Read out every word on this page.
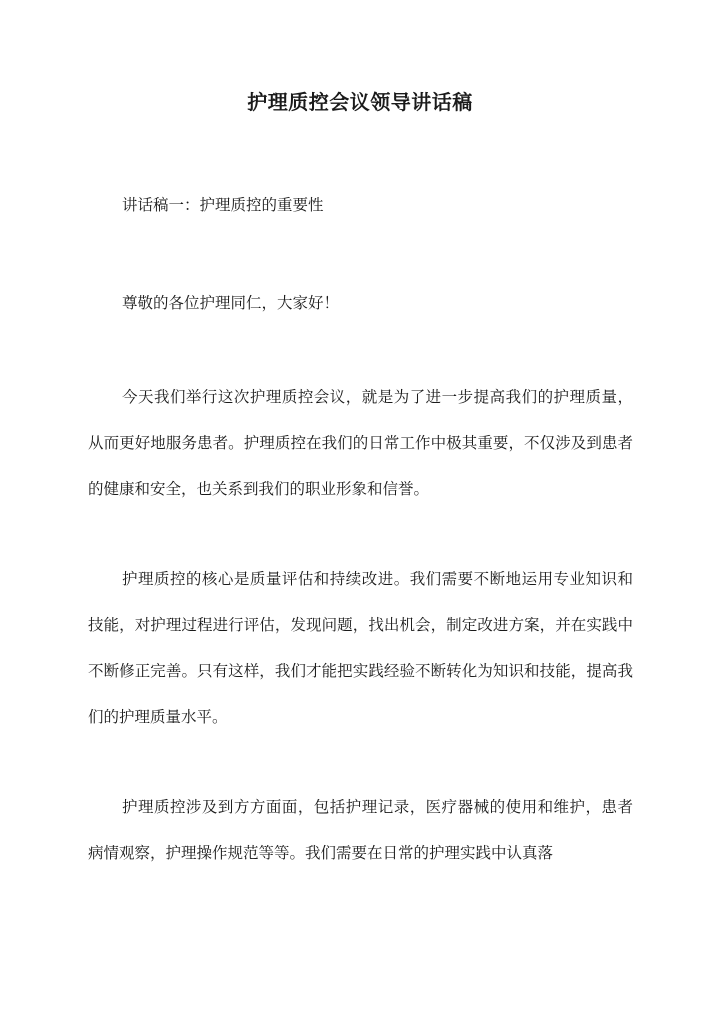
护理质控会议领导讲话稿

讲话稿一：护理质控的重要性

尊敬的各位护理同仁，大家好！

今天我们举行这次护理质控会议，就是为了进一步提高我们的护理质量，从而更好地服务患者。护理质控在我们的日常工作中极其重要，不仅涉及到患者的健康和安全，也关系到我们的职业形象和信誉。

护理质控的核心是质量评估和持续改进。我们需要不断地运用专业知识和技能，对护理过程进行评估，发现问题，找出机会，制定改进方案，并在实践中不断修正完善。只有这样，我们才能把实践经验不断转化为知识和技能，提高我们的护理质量水平。

护理质控涉及到方方面面，包括护理记录，医疗器械的使用和维护，患者病情观察，护理操作规范等等。我们需要在日常的护理实践中认真落
